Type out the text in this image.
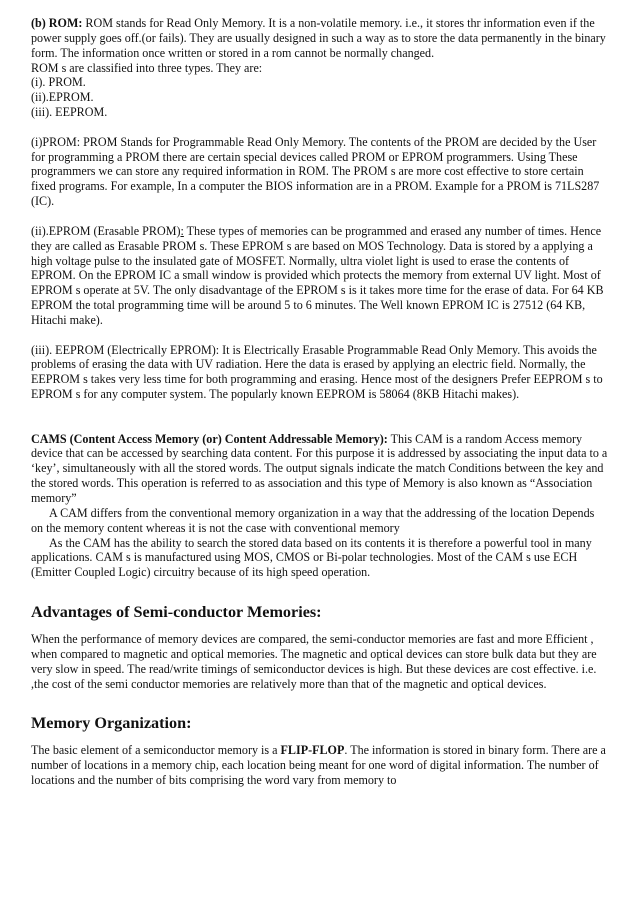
(b) ROM: ROM stands for Read Only Memory. It is a non-volatile memory. i.e., it stores thr information even if the power supply goes off.(or fails). They are usually designed in such a way as to store the data permanently in the binary form. The information once written or stored in a rom cannot be normally changed.

ROM s are classified into three types. They are:

(i). PROM.

(ii).EPROM.

(iii). EEPROM.

(i)PROM: PROM Stands for Programmable Read Only Memory. The contents of the PROM are decided by the User for programming a PROM there are certain special devices called PROM or EPROM programmers. Using These programmers we can store any required information in ROM. The PROM s are more cost effective to store certain fixed programs. For example, In a computer the BIOS information are in a PROM. Example for a PROM is 71LS287 (IC).

(ii).EPROM (Erasable PROM): These types of memories can be programmed and erased any number of times. Hence they are called as Erasable PROM s. These EPROM s are based on MOS Technology. Data is stored by a applying a high voltage pulse to the insulated gate of MOSFET. Normally, ultra violet light is used to erase the contents of EPROM. On the EPROM IC a small window is provided which protects the memory from external UV light. Most of EPROM s operate at 5V. The only disadvantage of the EPROM s is it takes more time for the erase of data. For 64 KB EPROM the total programming time will be around 5 to 6 minutes. The Well known EPROM IC is 27512 (64 KB, Hitachi make).

(iii). EEPROM (Electrically EPROM): It is Electrically Erasable Programmable Read Only Memory. This avoids the problems of erasing the data with UV radiation. Here the data is erased by applying an electric field. Normally, the EEPROM s takes very less time for both programming and erasing. Hence most of the designers Prefer EEPROM s to EPROM s for any computer system. The popularly known EEPROM is 58064 (8KB Hitachi makes).

CAMS (Content Access Memory (or) Content Addressable Memory): This CAM is a random Access memory device that can be accessed by searching data content. For this purpose it is addressed by associating the input data to a ‘key’, simultaneously with all the stored words. The output signals indicate the match Conditions between the key and the stored words. This operation is referred to as association and this type of Memory is also known as “Association memory”

A CAM differs from the conventional memory organization in a way that the addressing of the location Depends on the memory content whereas it is not the case with conventional memory

As the CAM has the ability to search the stored data based on its contents it is therefore a powerful tool in many applications. CAM s is manufactured using MOS, CMOS or Bi-polar technologies. Most of the CAM s use ECH (Emitter Coupled Logic) circuitry because of its high speed operation.

Advantages of Semi-conductor Memories:

When the performance of memory devices are compared, the semi-conductor memories are fast and more Efficient , when compared to magnetic and optical memories. The magnetic and optical devices can store bulk data but they are very slow in speed. The read/write timings of semiconductor devices is high. But these devices are cost effective. i.e. ,the cost of the semi conductor memories are relatively more than that of the magnetic and optical devices.

Memory Organization:

The basic element of a semiconductor memory is a FLIP-FLOP. The information is stored in binary form. There are a number of locations in a memory chip, each location being meant for one word of digital information. The number of locations and the number of bits comprising the word vary from memory to
